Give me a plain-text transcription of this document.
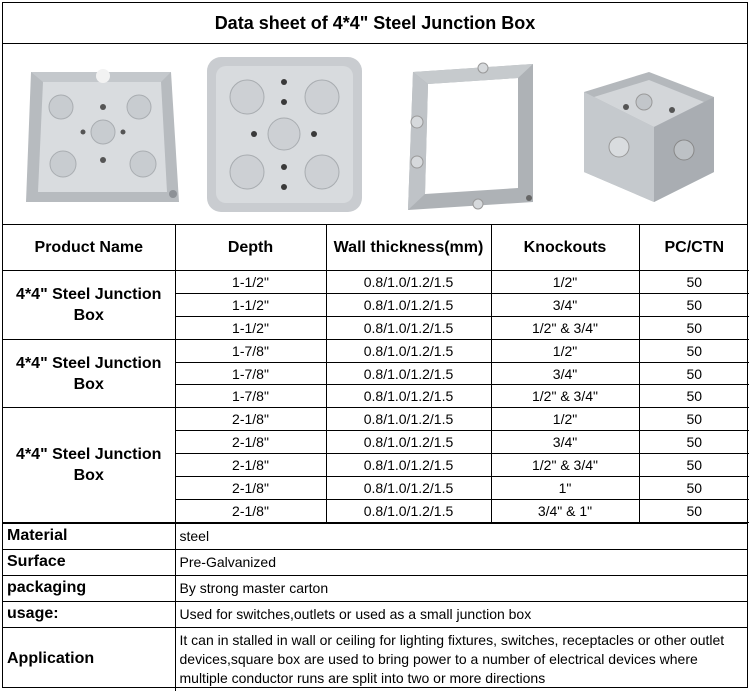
Data sheet of 4*4" Steel Junction Box
Product Name	Depth	Wall thickness(mm)	Knockouts	PC/CTN
4*4" Steel Junction Box	1-1/2"	0.8/1.0/1.2/1.5	1/2"	50
	1-1/2"	0.8/1.0/1.2/1.5	3/4"	50
	1-1/2"	0.8/1.0/1.2/1.5	1/2" & 3/4"	50
4*4" Steel Junction Box	1-7/8"	0.8/1.0/1.2/1.5	1/2"	50
	1-7/8"	0.8/1.0/1.2/1.5	3/4"	50
	1-7/8"	0.8/1.0/1.2/1.5	1/2" & 3/4"	50
4*4" Steel Junction Box	2-1/8"	0.8/1.0/1.2/1.5	1/2"	50
	2-1/8"	0.8/1.0/1.2/1.5	3/4"	50
	2-1/8"	0.8/1.0/1.2/1.5	1/2" & 3/4"	50
	2-1/8"	0.8/1.0/1.2/1.5	1"	50
	2-1/8"	0.8/1.0/1.2/1.5	3/4" & 1"	50
Material	steel
Surface	Pre-Galvanized
packaging	By strong master carton
usage:	Used for switches,outlets or used as a small junction box
Application	It can in stalled in wall or ceiling for lighting fixtures, switches, receptacles or other outlet devices,square box are used to bring power to a number of electrical devices where multiple conductor runs are split into two or more directions
